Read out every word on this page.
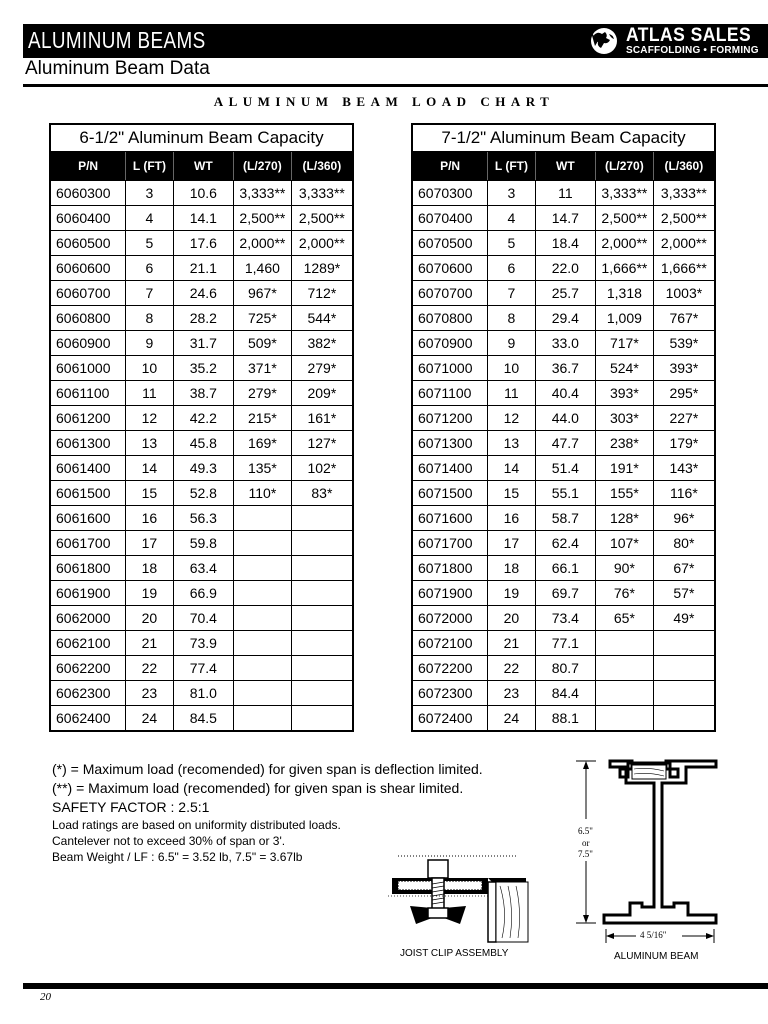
ALUMINUM BEAMS	ATLAS SALES
SCAFFOLDING • FORMING
Aluminum Beam Data
ALUMINUM BEAM LOAD CHART
6-1/2" Aluminum Beam Capacity				
P/N	L (FT)	WT	(L/270)	(L/360)
6060300	3	10.6	3,333**	3,333**
6060400	4	14.1	2,500**	2,500**
6060500	5	17.6	2,000**	2,000**
6060600	6	21.1	1,460	1289*
6060700	7	24.6	967*	712*
6060800	8	28.2	725*	544*
6060900	9	31.7	509*	382*
6061000	10	35.2	371*	279*
6061100	11	38.7	279*	209*
6061200	12	42.2	215*	161*
6061300	13	45.8	169*	127*
6061400	14	49.3	135*	102*
6061500	15	52.8	110*	83*
6061600	16	56.3		
6061700	17	59.8		
6061800	18	63.4		
6061900	19	66.9		
6062000	20	70.4		
6062100	21	73.9		
6062200	22	77.4		
6062300	23	81.0		
6062400	24	84.5		
7-1/2" Aluminum Beam Capacity				
P/N	L (FT)	WT	(L/270)	(L/360)
6070300	3	11	3,333**	3,333**
6070400	4	14.7	2,500**	2,500**
6070500	5	18.4	2,000**	2,000**
6070600	6	22.0	1,666**	1,666**
6070700	7	25.7	1,318	1003*
6070800	8	29.4	1,009	767*
6070900	9	33.0	717*	539*
6071000	10	36.7	524*	393*
6071100	11	40.4	393*	295*
6071200	12	44.0	303*	227*
6071300	13	47.7	238*	179*
6071400	14	51.4	191*	143*
6071500	15	55.1	155*	116*
6071600	16	58.7	128*	96*
6071700	17	62.4	107*	80*
6071800	18	66.1	90*	67*
6071900	19	69.7	76*	57*
6072000	20	73.4	65*	49*
6072100	21	77.1		
6072200	22	80.7		
6072300	23	84.4		
6072400	24	88.1		
(*) = Maximum load (recomended) for given span is deflection limited.
(**) = Maximum load (recomended) for given span is shear limited.
SAFETY FACTOR : 2.5:1
Load ratings are based on uniformity distributed loads.
Cantelever not to exceed 30% of span or 3'.
Beam Weight / LF : 6.5" = 3.52 lb, 7.5" = 3.67lb
JOIST CLIP ASSEMBLY
6.5"
or
7.5"
4 5/16"
ALUMINUM BEAM
20
